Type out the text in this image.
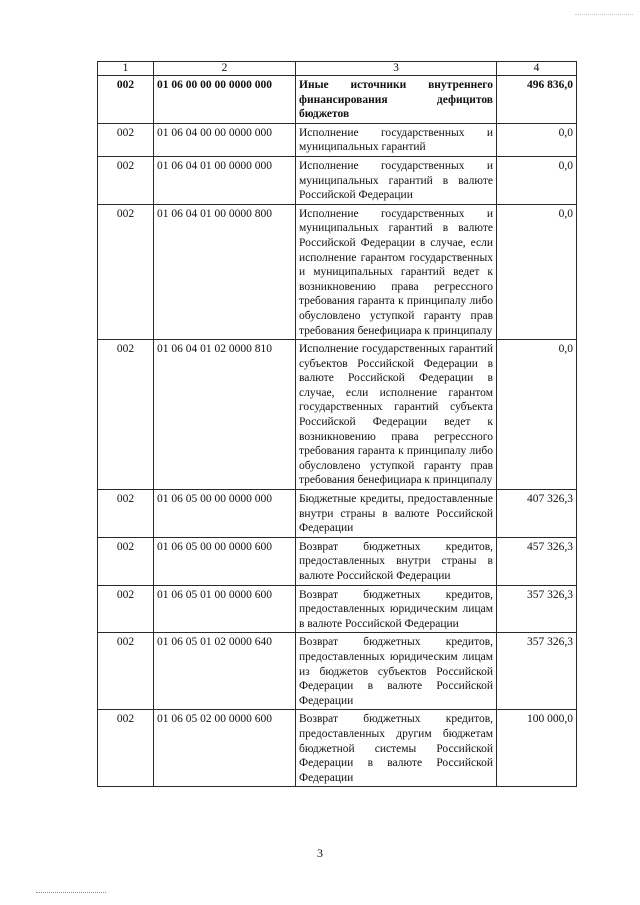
1	2	3	4
002	01 06 00 00 00 0000 000	Иные источники внутреннего финансирования дефицитов бюджетов	496 836,0
002	01 06 04 00 00 0000 000	Исполнение государственных и муниципальных гарантий	0,0
002	01 06 04 01 00 0000 000	Исполнение государственных и муниципальных гарантий в валюте Российской Федерации	0,0
002	01 06 04 01 00 0000 800	Исполнение государственных и муниципальных гарантий в валюте Российской Федерации в случае, если исполнение гарантом государственных и муниципальных гарантий ведет к возникновению права регрессного требования гаранта к принципалу либо обусловлено уступкой гаранту прав требования бенефициара к принципалу	0,0
002	01 06 04 01 02 0000 810	Исполнение государственных гарантий субъектов Российской Федерации в валюте Российской Федерации в случае, если исполнение гарантом государственных гарантий субъекта Российской Федерации ведет к возникновению права регрессного требования гаранта к принципалу либо обусловлено уступкой гаранту прав требования бенефициара к принципалу	0,0
002	01 06 05 00 00 0000 000	Бюджетные кредиты, предоставленные внутри страны в валюте Российской Федерации	407 326,3
002	01 06 05 00 00 0000 600	Возврат бюджетных кредитов, предоставленных внутри страны в валюте Российской Федерации	457 326,3
002	01 06 05 01 00 0000 600	Возврат бюджетных кредитов, предоставленных юридическим лицам в валюте Российской Федерации	357 326,3
002	01 06 05 01 02 0000 640	Возврат бюджетных кредитов, предоставленных юридическим лицам из бюджетов субъектов Российской Федерации в валюте Российской Федерации	357 326,3
002	01 06 05 02 00 0000 600	Возврат бюджетных кредитов, предоставленных другим бюджетам бюджетной системы Российской Федерации в валюте Российской Федерации	100 000,0
3
